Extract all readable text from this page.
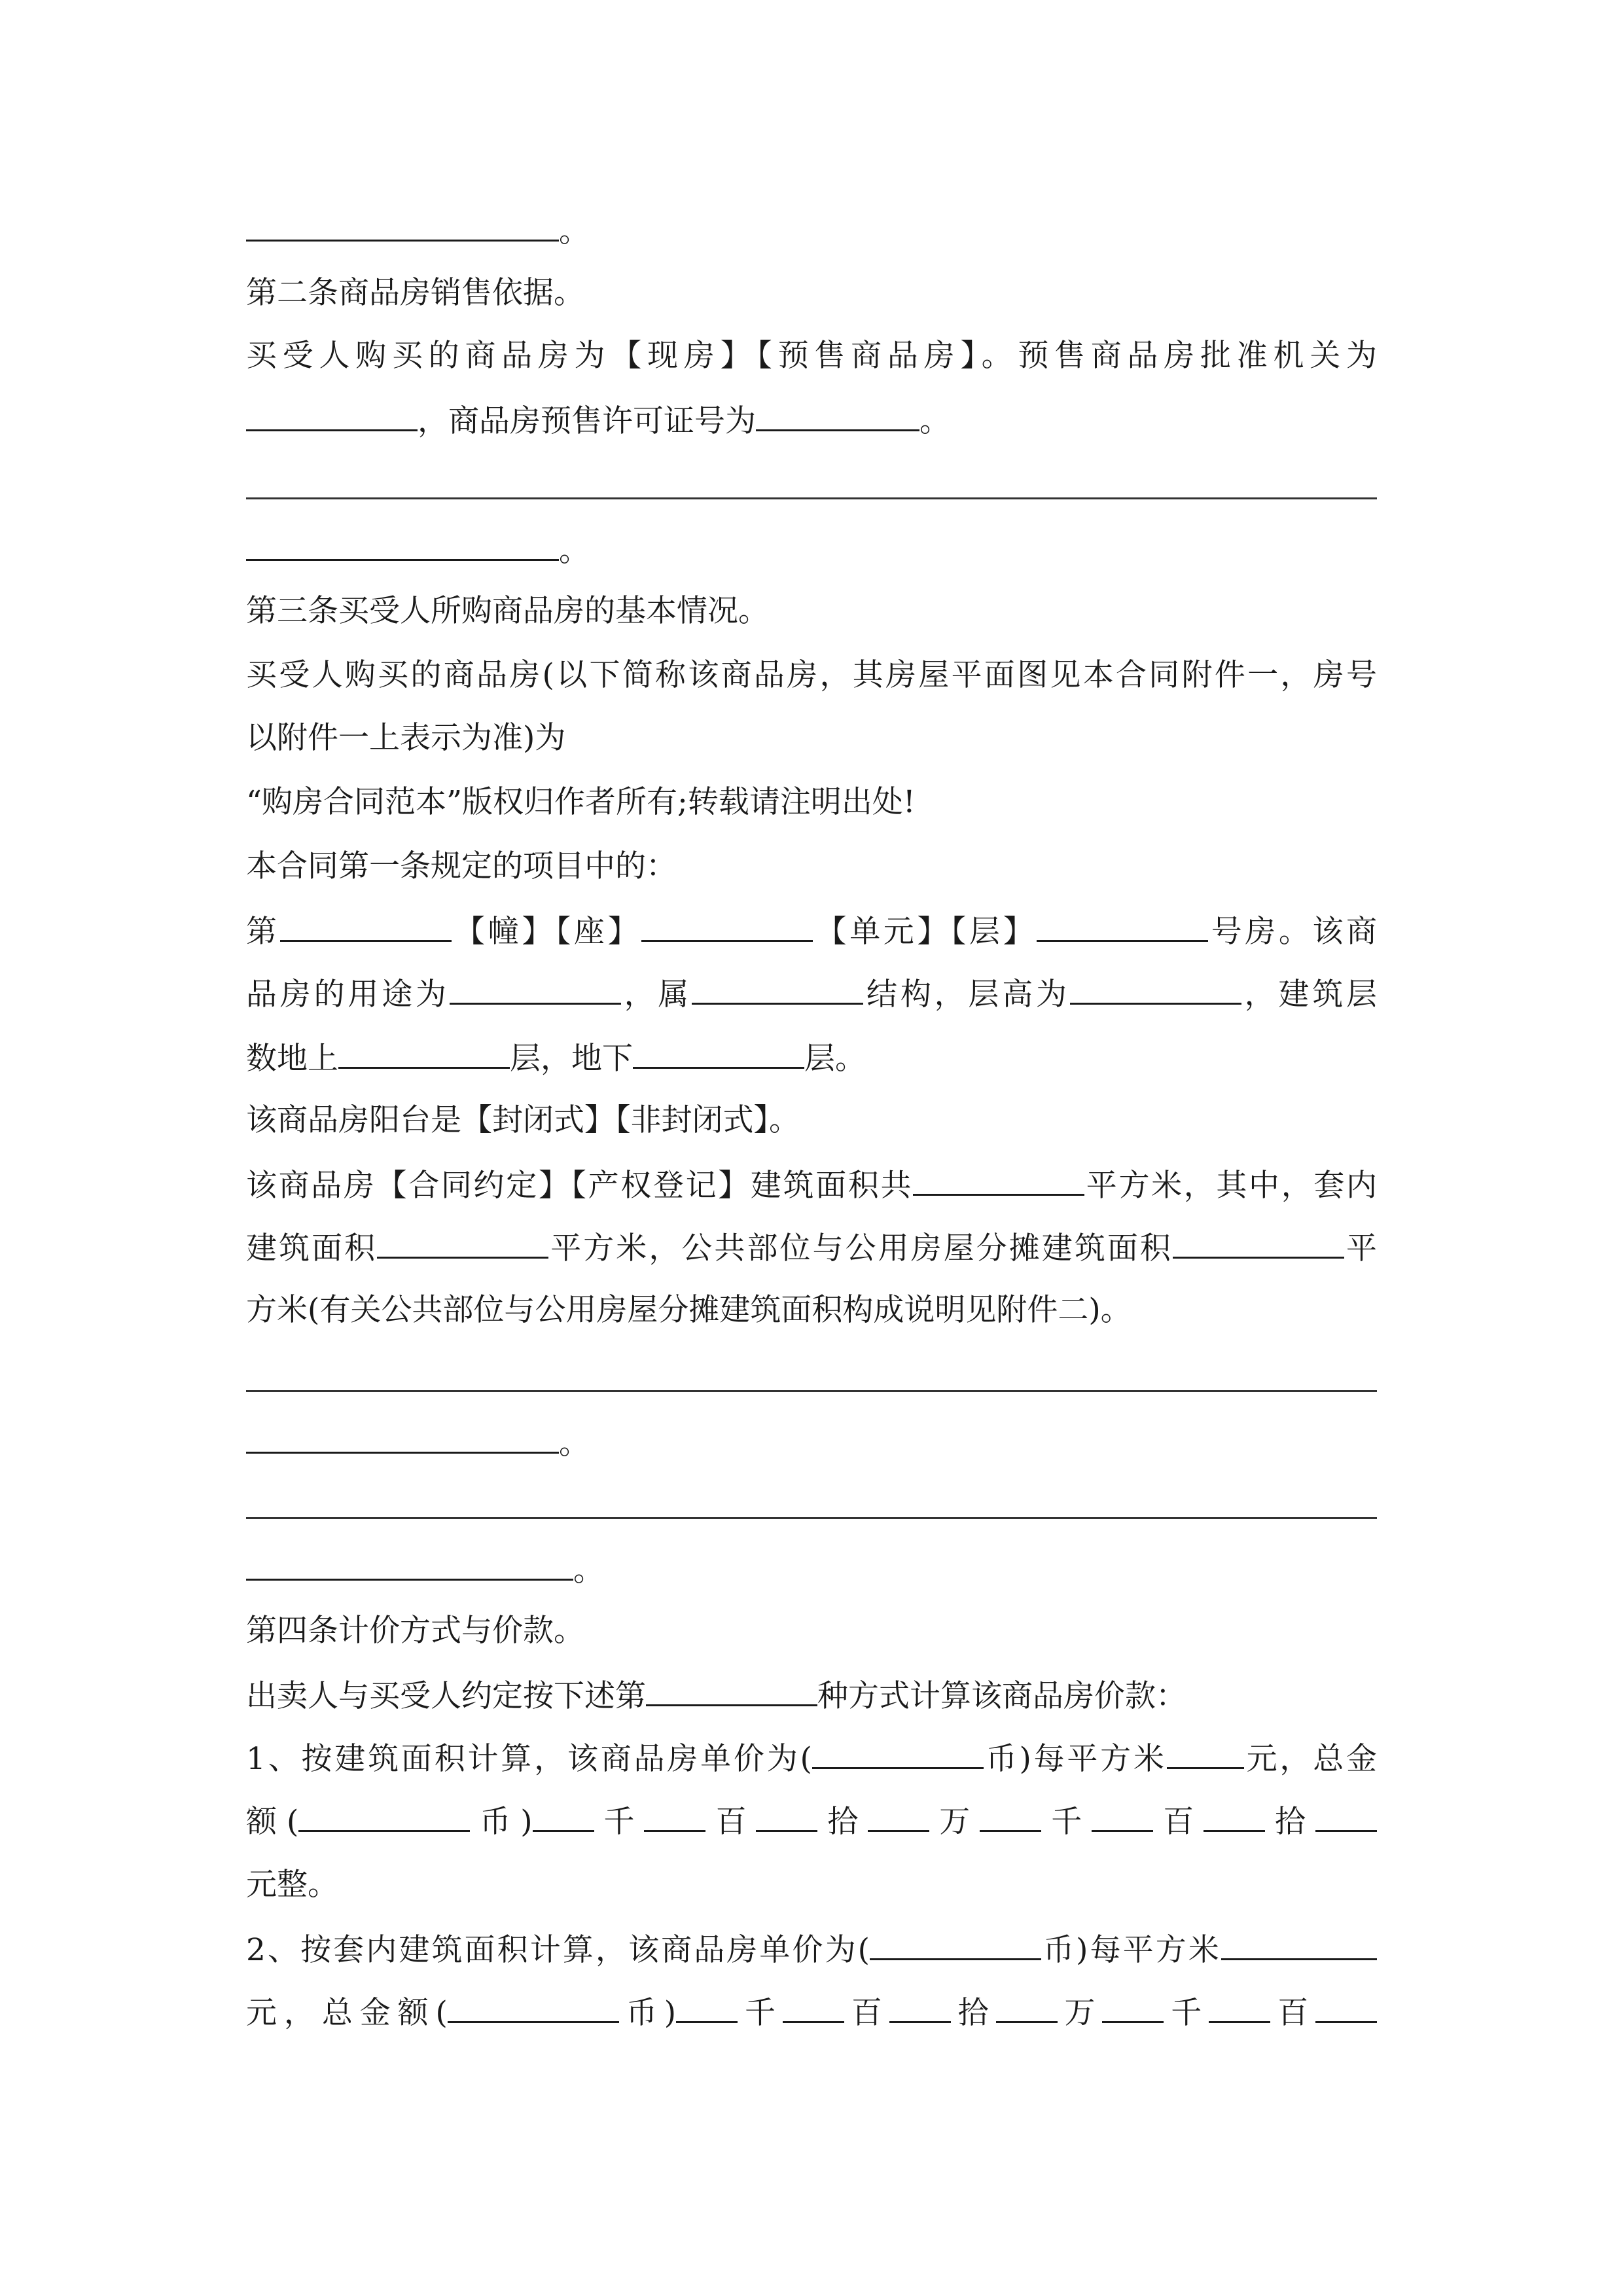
。
第二条商品房销售依据。
买受人购买的商品房为【现房】【预售商品房】。预售商品房批准机关为
，商品房预售许可证号为	。
。
第三条买受人所购商品房的基本情况。
买受人购买的商品房(以下简称该商品房，其房屋平面图见本合同附件一，房号
以附件一上表示为准)为
“购房合同范本”版权归作者所有;转载请注明出处!
本合同第一条规定的项目中的：
第	【幢】【座】	【单元】【层】	号房。该商
品房的用途为	，属	结构，层高为	，建筑层
数地上	层，地下	层。
该商品房阳台是【封闭式】【非封闭式】。
该商品房【合同约定】【产权登记】建筑面积共	平方米，其中，套内
建筑面积	平方米，公共部位与公用房屋分摊建筑面积	平
方米(有关公共部位与公用房屋分摊建筑面积构成说明见附件二)。
。
。
第四条计价方式与价款。
出卖人与买受人约定按下述第	种方式计算该商品房价款：
1、按建筑面积计算，该商品房单价为(	币)每平方米	元，总金
额(	币) 千 百 拾 万 千 百 拾
元整。
2、按套内建筑面积计算，该商品房单价为(	币)每平方米
元，总金额(	币) 千 百 拾 万 千 百
